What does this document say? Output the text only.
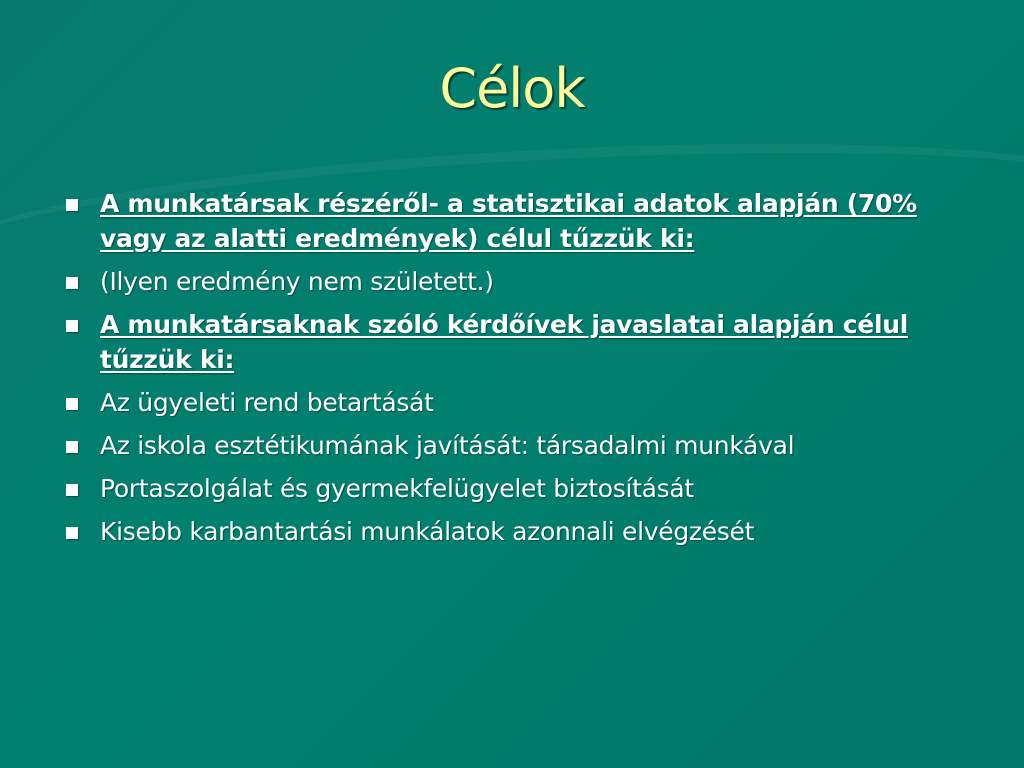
Célok
A munkatársak részéről- a statisztikai adatok alapján (70% vagy az alatti eredmények) célul tűzzük ki:
(Ilyen eredmény nem született.)
A munkatársaknak szóló kérdőívek javaslatai alapján célul tűzzük ki:
Az ügyeleti rend betartását
Az iskola esztétikumának javítását: társadalmi munkával
Portaszolgálat és gyermekfelügyelet biztosítását
Kisebb karbantartási munkálatok azonnali elvégzését
